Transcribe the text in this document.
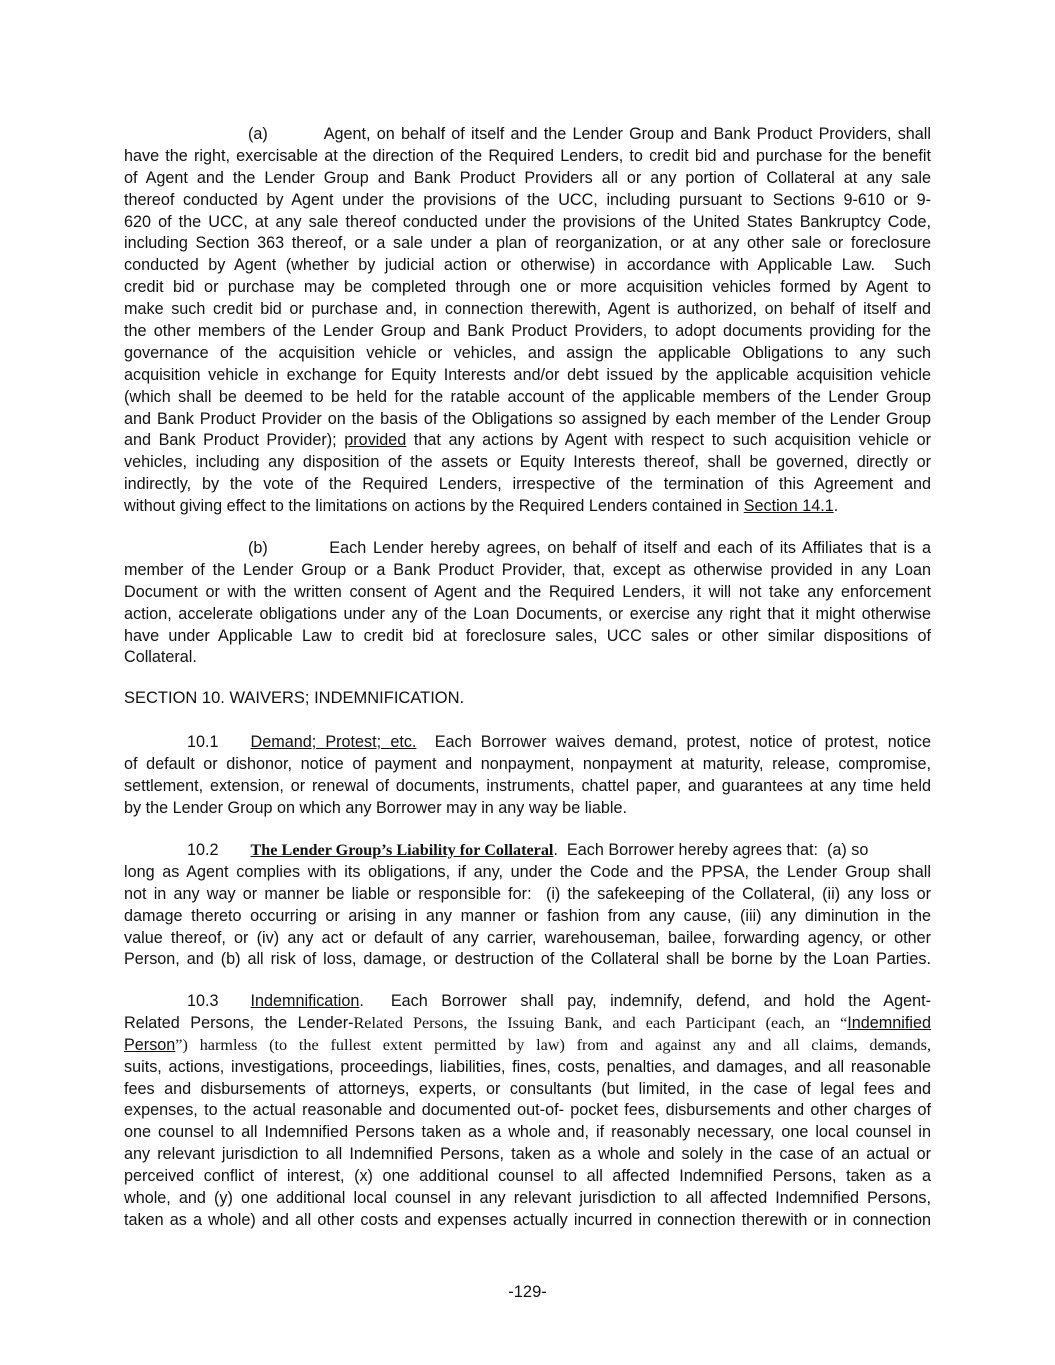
(a)         Agent, on behalf of itself and the Lender Group and Bank Product Providers, shall
have the right, exercisable at the direction of the Required Lenders, to credit bid and purchase for the benefit
of Agent and the Lender Group and Bank Product Providers all or any portion of Collateral at any sale
thereof conducted by Agent under the provisions of the UCC, including pursuant to Sections 9-610 or 9-
620 of the UCC, at any sale thereof conducted under the provisions of the United States Bankruptcy Code,
including Section 363 thereof, or a sale under a plan of reorganization, or at any other sale or foreclosure
conducted by Agent (whether by judicial action or otherwise) in accordance with Applicable Law.  Such
credit bid or purchase may be completed through one or more acquisition vehicles formed by Agent to
make such credit bid or purchase and, in connection therewith, Agent is authorized, on behalf of itself and
the other members of the Lender Group and Bank Product Providers, to adopt documents providing for the
governance of the acquisition vehicle or vehicles, and assign the applicable Obligations to any such
acquisition vehicle in exchange for Equity Interests and/or debt issued by the applicable acquisition vehicle
(which shall be deemed to be held for the ratable account of the applicable members of the Lender Group
and Bank Product Provider on the basis of the Obligations so assigned by each member of the Lender Group
and Bank Product Provider); provided that any actions by Agent with respect to such acquisition vehicle or
vehicles, including any disposition of the assets or Equity Interests thereof, shall be governed, directly or
indirectly, by the vote of the Required Lenders, irrespective of the termination of this Agreement and
without giving effect to the limitations on actions by the Required Lenders contained in Section 14.1.
(b)         Each Lender hereby agrees, on behalf of itself and each of its Affiliates that is a
member of the Lender Group or a Bank Product Provider, that, except as otherwise provided in any Loan
Document or with the written consent of Agent and the Required Lenders, it will not take any enforcement
action, accelerate obligations under any of the Loan Documents, or exercise any right that it might otherwise
have under Applicable Law to credit bid at foreclosure sales, UCC sales or other similar dispositions of
Collateral.
SECTION 10. WAIVERS; INDEMNIFICATION.
10.1 Demand; Protest; etc.  Each Borrower waives demand, protest, notice of protest, notice
of default or dishonor, notice of payment and nonpayment, nonpayment at maturity, release, compromise,
settlement, extension, or renewal of documents, instruments, chattel paper, and guarantees at any time held
by the Lender Group on which any Borrower may in any way be liable.
10.2 The Lender Group’s Liability for Collateral.  Each Borrower hereby agrees that:  (a) so
long as Agent complies with its obligations, if any, under the Code and the PPSA, the Lender Group shall
not in any way or manner be liable or responsible for:  (i) the safekeeping of the Collateral, (ii) any loss or
damage thereto occurring or arising in any manner or fashion from any cause, (iii) any diminution in the
value thereof, or (iv) any act or default of any carrier, warehouseman, bailee, forwarding agency, or other
Person, and (b) all risk of loss, damage, or destruction of the Collateral shall be borne by the Loan Parties.
10.3 Indemnification.  Each Borrower shall pay, indemnify, defend, and hold the Agent-
Related Persons, the Lender-Related Persons, the Issuing Bank, and each Participant (each, an “Indemnified
Person”) harmless (to the fullest extent permitted by law) from and against any and all claims, demands,
suits, actions, investigations, proceedings, liabilities, fines, costs, penalties, and damages, and all reasonable
fees and disbursements of attorneys, experts, or consultants (but limited, in the case of legal fees and
expenses, to the actual reasonable and documented out-of- pocket fees, disbursements and other charges of
one counsel to all Indemnified Persons taken as a whole and, if reasonably necessary, one local counsel in
any relevant jurisdiction to all Indemnified Persons, taken as a whole and solely in the case of an actual or
perceived conflict of interest, (x) one additional counsel to all affected Indemnified Persons, taken as a
whole, and (y) one additional local counsel in any relevant jurisdiction to all affected Indemnified Persons,
taken as a whole) and all other costs and expenses actually incurred in connection therewith or in connection
-129-
